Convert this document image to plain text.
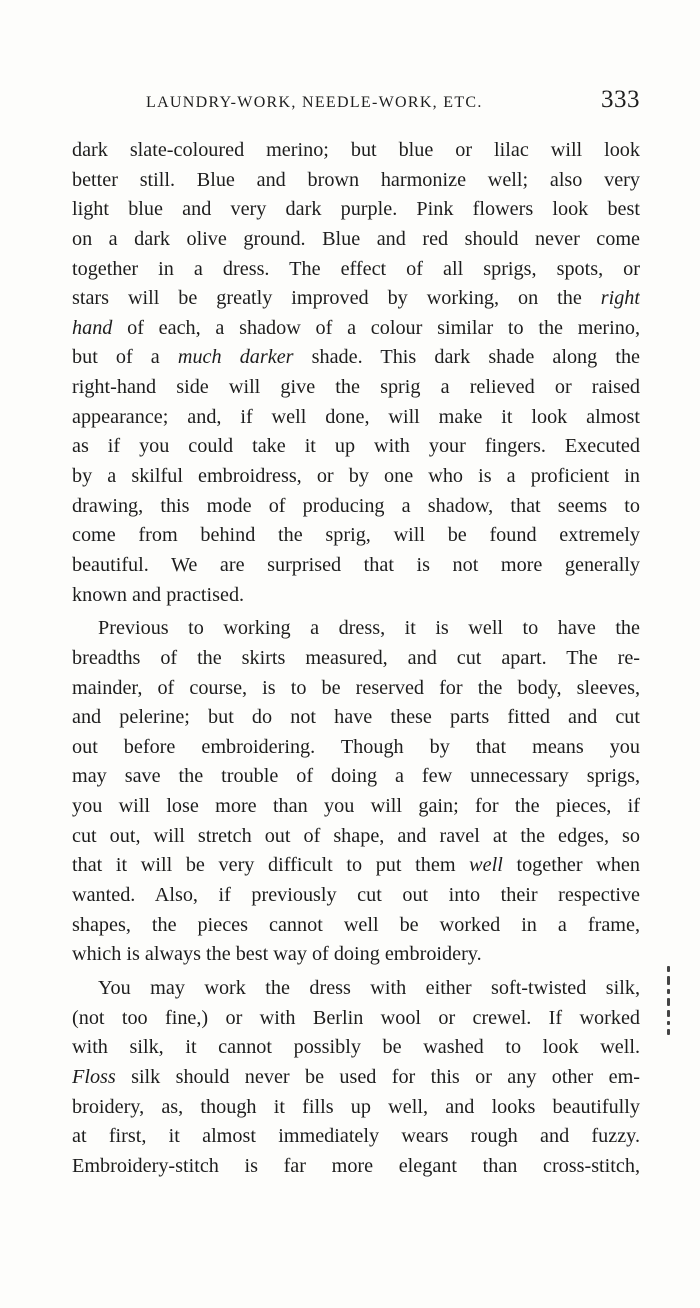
LAUNDRY-WORK, NEEDLE-WORK, ETC.	333
dark slate-coloured merino; but blue or lilac will look
better still. Blue and brown harmonize well; also very
light blue and very dark purple. Pink flowers look best
on a dark olive ground. Blue and red should never come
together in a dress. The effect of all sprigs, spots, or
stars will be greatly improved by working, on the right
hand of each, a shadow of a colour similar to the merino,
but of a much darker shade. This dark shade along the
right-hand side will give the sprig a relieved or raised
appearance; and, if well done, will make it look almost
as if you could take it up with your fingers. Executed
by a skilful embroidress, or by one who is a proficient in
drawing, this mode of producing a shadow, that seems to
come from behind the sprig, will be found extremely
beautiful. We are surprised that is not more generally
known and practised.
Previous to working a dress, it is well to have the
breadths of the skirts measured, and cut apart. The re-
mainder, of course, is to be reserved for the body, sleeves,
and pelerine; but do not have these parts fitted and cut
out before embroidering. Though by that means you
may save the trouble of doing a few unnecessary sprigs,
you will lose more than you will gain; for the pieces, if
cut out, will stretch out of shape, and ravel at the edges, so
that it will be very difficult to put them well together when
wanted. Also, if previously cut out into their respective
shapes, the pieces cannot well be worked in a frame,
which is always the best way of doing embroidery.
You may work the dress with either soft-twisted silk,
(not too fine,) or with Berlin wool or crewel. If worked
with silk, it cannot possibly be washed to look well.
Floss silk should never be used for this or any other em-
broidery, as, though it fills up well, and looks beautifully
at first, it almost immediately wears rough and fuzzy.
Embroidery-stitch is far more elegant than cross-stitch,
